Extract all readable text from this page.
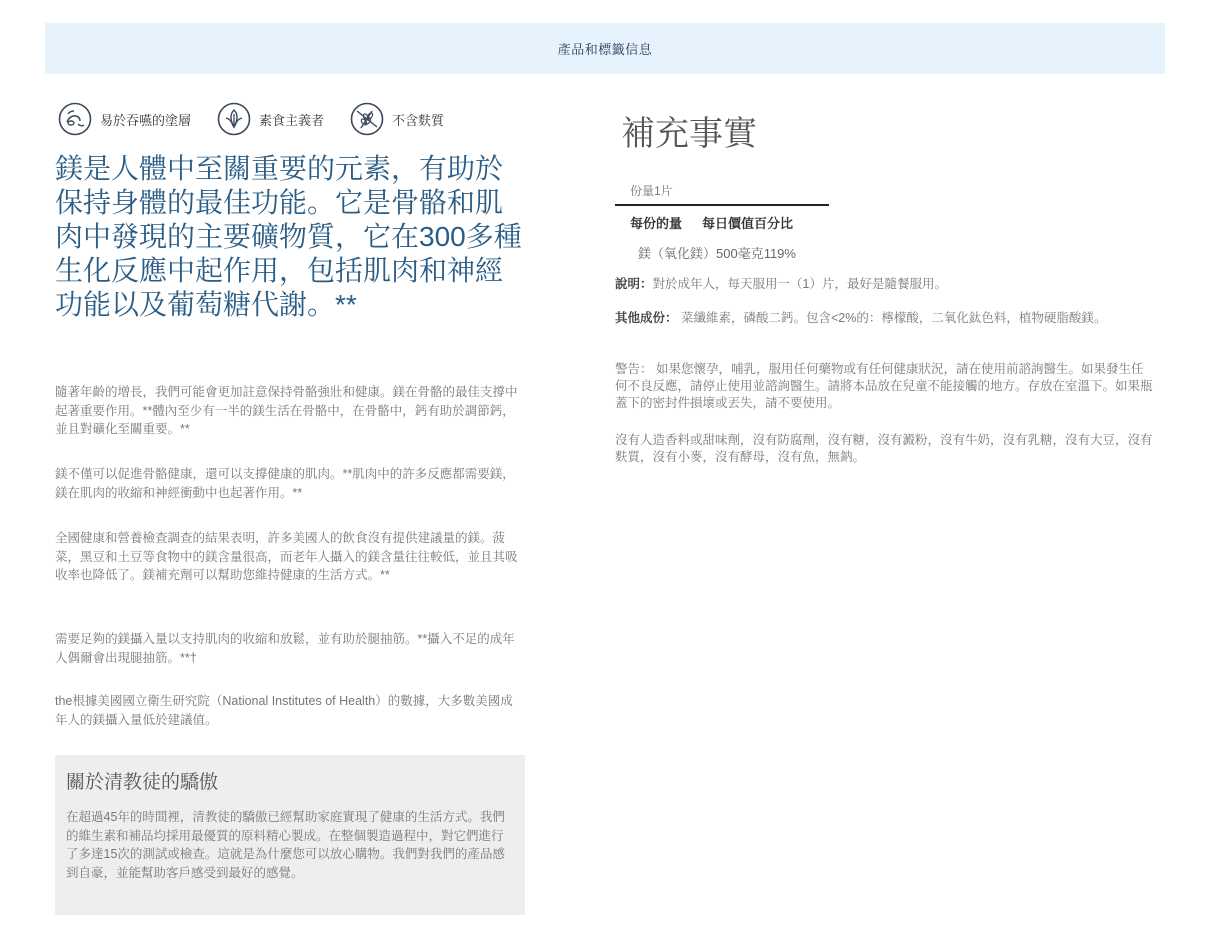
產品和標籤信息
易於吞嚥的塗層	素食主義者	不含麩質
鎂是人體中至關重要的元素，有助於保持身體的最佳功能。它是骨骼和肌肉中發現的主要礦物質，它在300多種生化反應中起作用，包括肌肉和神經功能以及葡萄糖代謝。**

隨著年齡的增長，我們可能會更加註意保持骨骼強壯和健康。鎂在骨骼的最佳支撐中起著重要作用。**體內至少有一半的鎂生活在骨骼中，在骨骼中，鈣有助於調節鈣，並且對礦化至關重要。**

鎂不僅可以促進骨骼健康，還可以支撐健康的肌肉。**肌肉中的許多反應都需要鎂，鎂在肌肉的收縮和神經衝動中也起著作用。**

全國健康和營養檢查調查的結果表明，許多美國人的飲食沒有提供建議量的鎂。菠菜，黑豆和土豆等食物中的鎂含量很高，而老年人攝入的鎂含量往往較低，並且其吸收率也降低了。鎂補充劑可以幫助您維持健康的生活方式。**

需要足夠的鎂攝入量以支持肌肉的收縮和放鬆，並有助於腿抽筋。**攝入不足的成年人偶爾會出現腿抽筋。**†

the根據美國國立衛生研究院（National Institutes of Health）的數據，大多數美國成年人的鎂攝入量低於建議值。

關於清教徒的驕傲

在超過45年的時間裡，清教徒的驕傲已經幫助家庭實現了健康的生活方式。我們的維生素和補品均採用最優質的原料精心製成。在整個製造過程中，對它們進行了多達15次的測試或檢查。這就是為什麼您可以放心購物。我們對我們的產品感到自豪，並能幫助客戶感受到最好的感覺。

補充事實
份量1片
每份的量 每日價值百分比
鎂（氧化鎂）500毫克119%

說明：對於成年人，每天服用一（1）片，最好是隨餐服用。

其他成份： 菜纖維素，磷酸二鈣。包含<2%的：檸檬酸，二氧化鈦色料，植物硬脂酸鎂。

警告： 如果您懷孕，哺乳，服用任何藥物或有任何健康狀況，請在使用前諮詢醫生。如果發生任何不良反應，請停止使用並諮詢醫生。請將本品放在兒童不能接觸的地方。存放在室溫下。如果瓶蓋下的密封件損壞或丟失，請不要使用。

沒有人造香料或甜味劑，沒有防腐劑，沒有糖，沒有澱粉，沒有牛奶，沒有乳糖，沒有大豆，沒有麩質，沒有小麥，沒有酵母，沒有魚，無鈉。
